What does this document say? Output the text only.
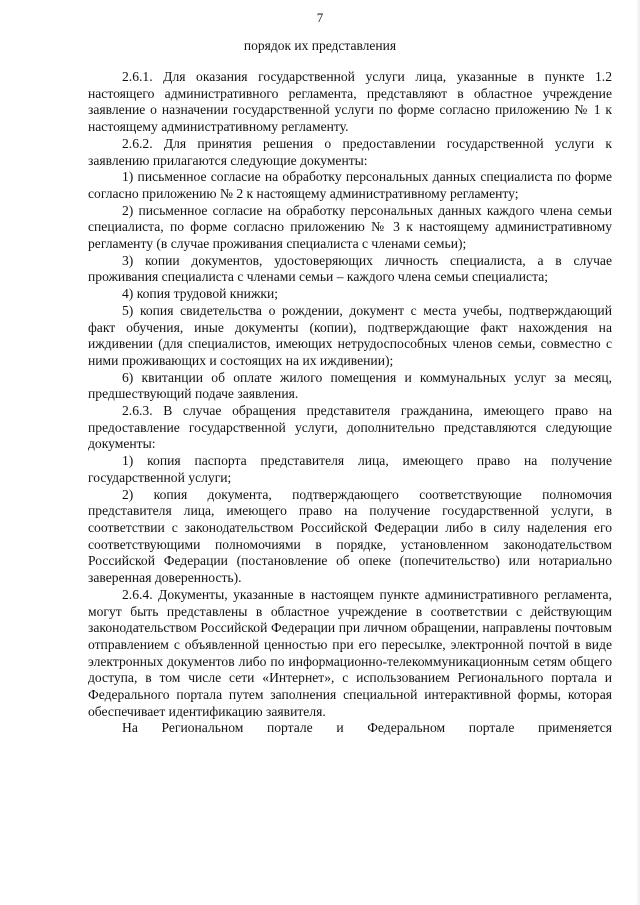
7
порядок их представления

2.6.1. Для оказания государственной услуги лица, указанные в пункте 1.2 настоящего административного регламента, представляют в областное учреждение заявление о назначении государственной услуги по форме согласно приложению № 1 к настоящему административному регламенту.

2.6.2. Для принятия решения о предоставлении государственной услуги к заявлению прилагаются следующие документы:

1) письменное согласие на обработку персональных данных специалиста по форме согласно приложению № 2 к настоящему административному регламенту;

2) письменное согласие на обработку персональных данных каждого члена семьи специалиста, по форме согласно приложению № 3 к настоящему административному регламенту (в случае проживания специалиста с членами семьи);

3) копии документов, удостоверяющих личность специалиста, а в случае проживания специалиста с членами семьи – каждого члена семьи специалиста;

4) копия трудовой книжки;

5) копия свидетельства о рождении, документ с места учебы, подтверждающий факт обучения, иные документы (копии), подтверждающие факт нахождения на иждивении (для специалистов, имеющих нетрудоспособных членов семьи, совместно с ними проживающих и состоящих на их иждивении);

6) квитанции об оплате жилого помещения и коммунальных услуг за месяц, предшествующий подаче заявления.

2.6.3. В случае обращения представителя гражданина, имеющего право на предоставление государственной услуги, дополнительно представляются следующие документы:

1) копия паспорта представителя лица, имеющего право на получение государственной услуги;

2) копия документа, подтверждающего соответствующие полномочия представителя лица, имеющего право на получение государственной услуги, в соответствии с законодательством Российской Федерации либо в силу наделения его соответствующими полномочиями в порядке, установленном законодательством Российской Федерации (постановление об опеке (попечительство) или нотариально заверенная доверенность).

2.6.4. Документы, указанные в настоящем пункте административного регламента, могут быть представлены в областное учреждение в соответствии с действующим законодательством Российской Федерации при личном обращении, направлены почтовым отправлением с объявленной ценностью при его пересылке, электронной почтой в виде электронных документов либо по информационно-телекоммуникационным сетям общего доступа, в том числе сети «Интернет», с использованием Регионального портала и Федерального портала путем заполнения специальной интерактивной формы, которая обеспечивает идентификацию заявителя.

На Региональном портале и Федеральном портале применяется
